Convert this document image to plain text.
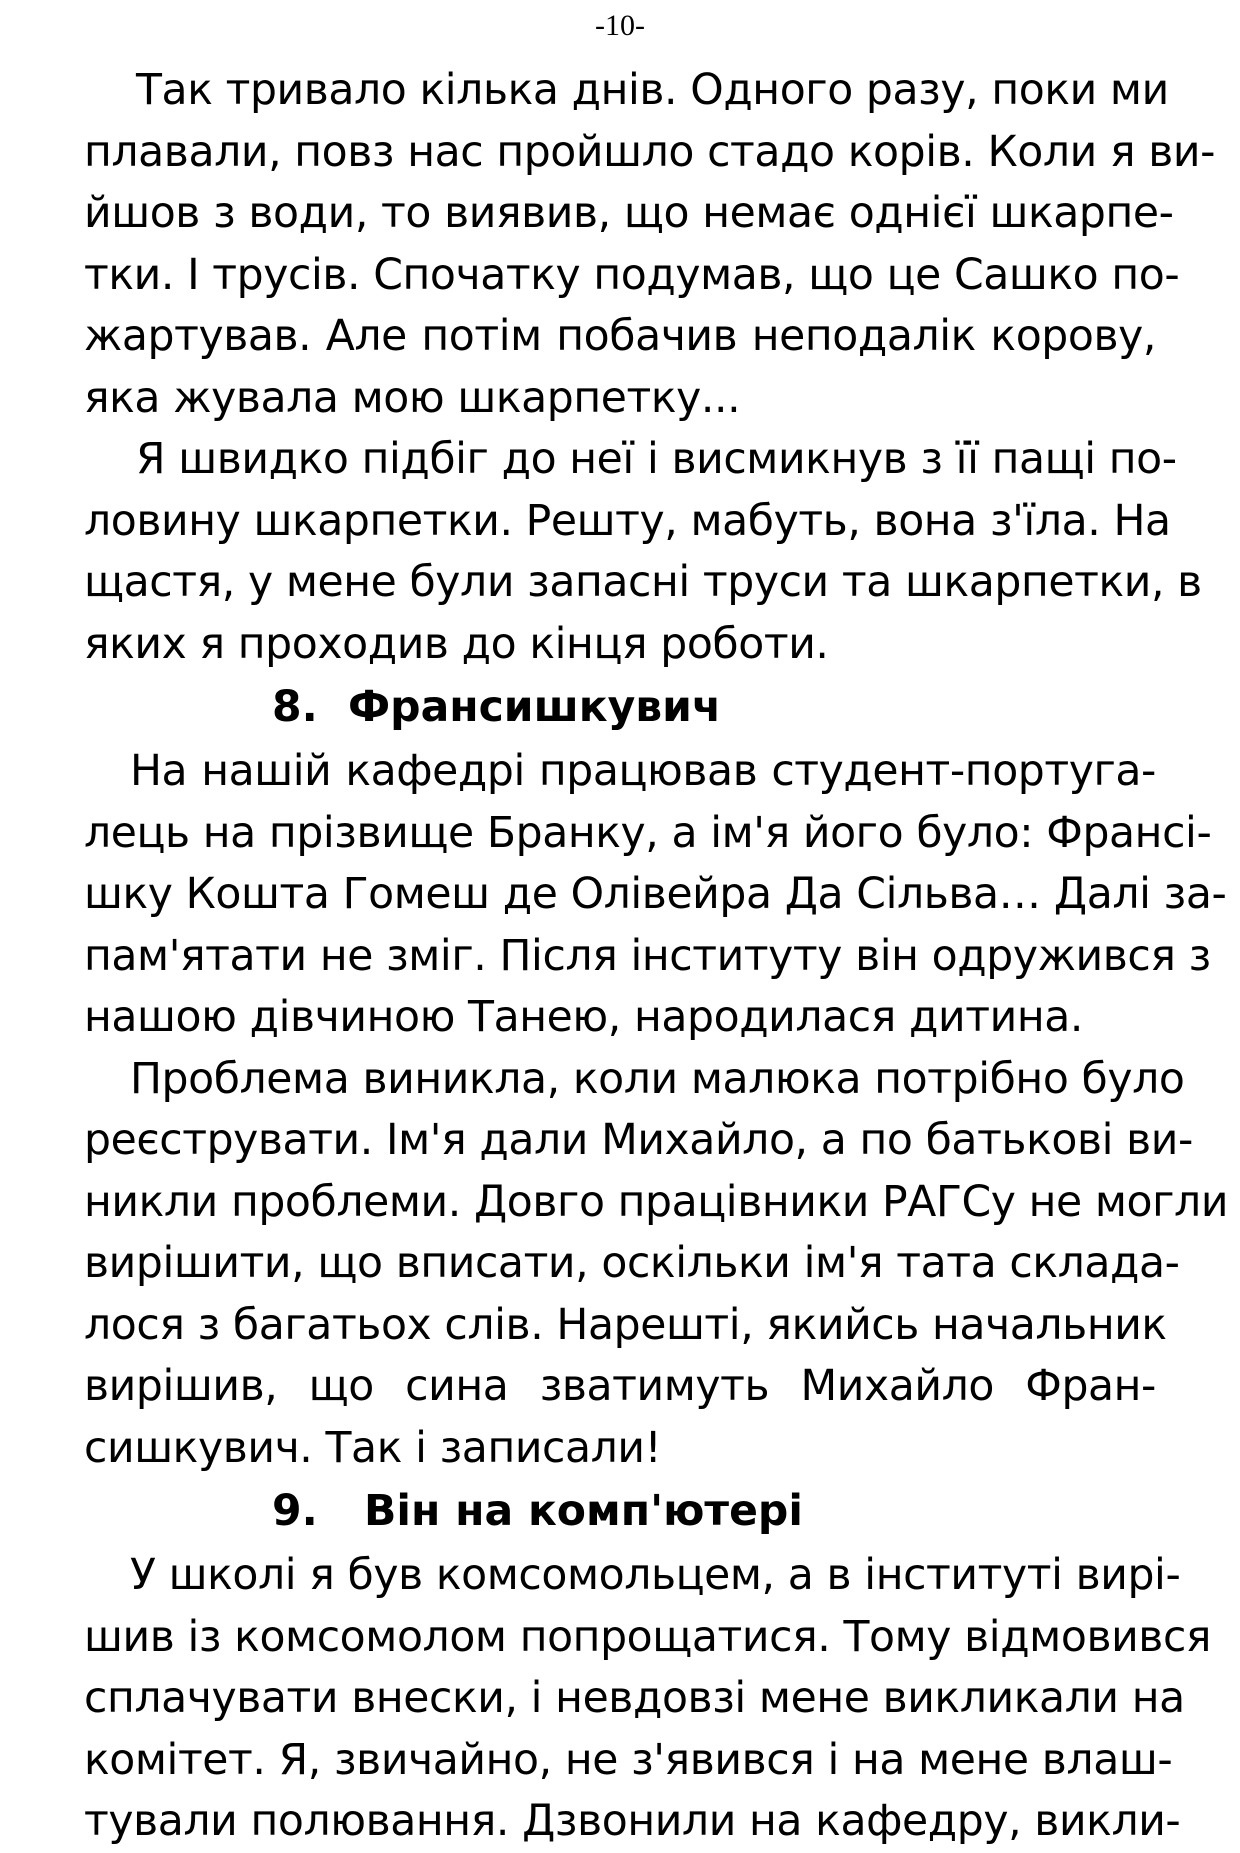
-10-
Так тривало кілька днів. Одного разу, поки ми
плавали, повз нас пройшло стадо корів. Коли я ви-
йшов з води, то виявив, що немає однієї шкарпе-
тки. І трусів. Спочатку подумав, що це Сашко по-
жартував. Але потім побачив неподалік корову,
яка жувала мою шкарпетку...
Я швидко підбіг до неї і висмикнув з її пащі по-
ловину шкарпетки. Решту, мабуть, вона з'їла. На
щастя, у мене були запасні труси та шкарпетки, в
яких я проходив до кінця роботи.
8. Франсишкувич
На нашій кафедрі працював студент-португа-
лець на прізвище Бранку, а ім'я його було: Франсі-
шку Кошта Гомеш де Олівейра Да Сільва… Далі за-
пам'ятати не зміг. Після інституту він одружився з
нашою дівчиною Танею, народилася дитина.
Проблема виникла, коли малюка потрібно було
реєструвати. Ім'я дали Михайло, а по батькові ви-
никли проблеми. Довго працівники РАГСу не могли
вирішити, що вписати, оскільки ім'я тата склада-
лося з багатьох слів. Нарешті, якийсь начальник
вирішив, що сина зватимуть Михайло Фран-
сишкувич. Так і записали!
9. Він на комп'ютері
У школі я був комсомольцем, а в інституті вирі-
шив із комсомолом попрощатися. Тому відмовився
сплачувати внески, і невдовзі мене викликали на
комітет. Я, звичайно, не з'явився і на мене влаш-
тували полювання. Дзвонили на кафедру, викли-
